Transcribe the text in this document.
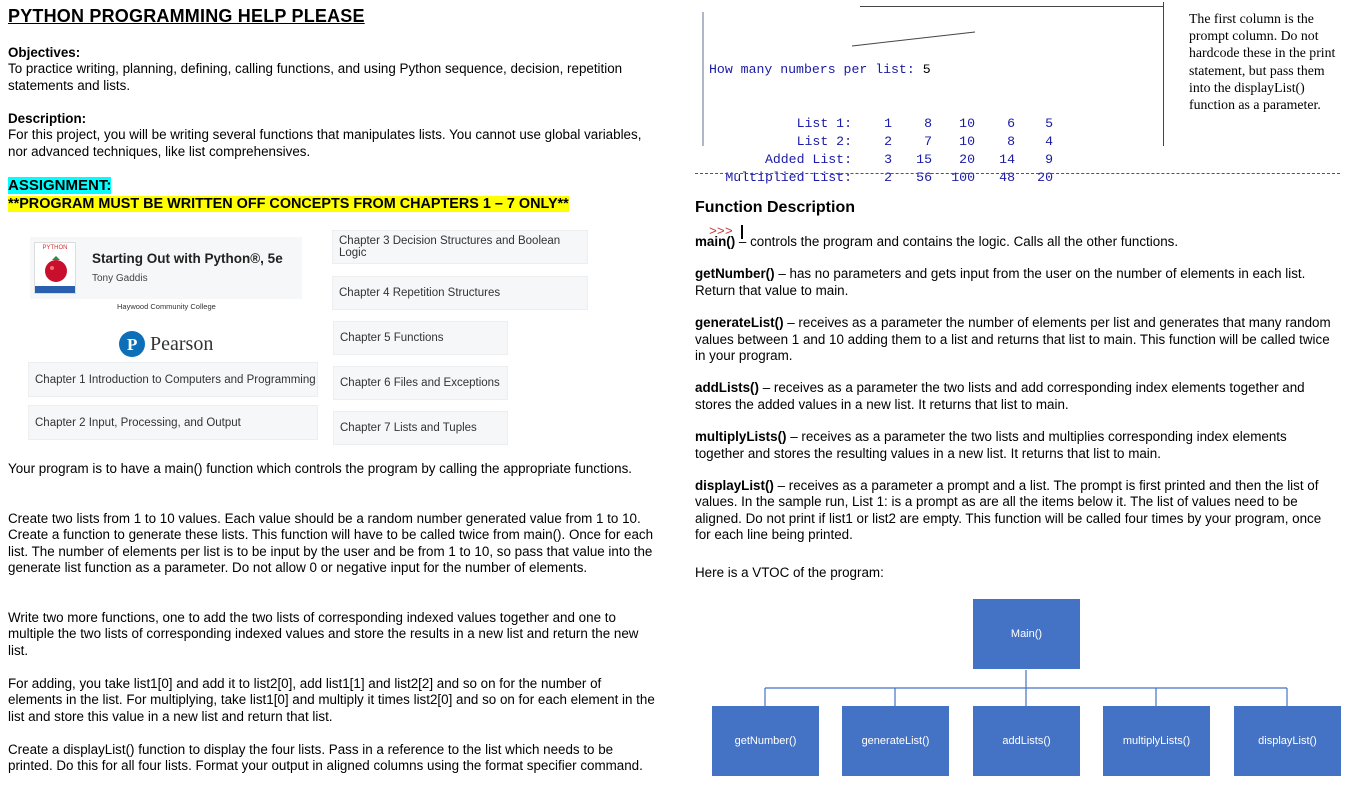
PYTHON PROGRAMMING HELP PLEASE
Objectives:
To practice writing, planning, defining, calling functions, and using Python sequence, decision, repetition statements and lists.
Description:
For this project, you will be writing several functions that manipulates lists. You cannot use global variables, nor advanced techniques, like list comprehensives.
ASSIGNMENT:
**PROGRAM MUST BE WRITTEN OFF CONCEPTS FROM CHAPTERS 1 – 7 ONLY**
PYTHON
Starting Out with Python®, 5e
Tony Gaddis
Haywood Community College
P Pearson
Chapter 1 Introduction to Computers and Programming
Chapter 2 Input, Processing, and Output
Chapter 3 Decision Structures and Boolean Logic
Chapter 4 Repetition Structures
Chapter 5 Functions
Chapter 6 Files and Exceptions
Chapter 7 Lists and Tuples
Your program is to have a main() function which controls the program by calling the appropriate functions.
Create two lists from 1 to 10 values. Each value should be a random number generated value from 1 to 10. Create a function to generate these lists. This function will have to be called twice from main(). Once for each list. The number of elements per list is to be input by the user and be from 1 to 10, so pass that value into the generate list function as a parameter. Do not allow 0 or negative input for the number of elements.
Write two more functions, one to add the two lists of corresponding indexed values together and one to multiple the two lists of corresponding indexed values and store the results in a new list and return the new list.
For adding, you take list1[0] and add it to list2[0], add list1[1] and list2[2] and so on for the number of elements in the list. For multiplying, take list1[0] and multiply it times list2[0] and so on for each element in the list and store this value in a new list and return that list.
Create a displayList() function to display the four lists. Pass in a reference to the list which needs to be printed. Do this for all four lists. Format your output in aligned columns using the format specifier command.

How many numbers per list: 5

List 1:	1	8	10	6	5
List 2:	2	7	10	8	4
Added List:	3	15	20	14	9
Multiplied List:	2	56	100	48	20

>>>

The first column is the prompt column. Do not hardcode these in the print statement, but pass them into the displayList() function as a parameter.
Function Description
main() – controls the program and contains the logic. Calls all the other functions.
getNumber() – has no parameters and gets input from the user on the number of elements in each list. Return that value to main.
generateList() – receives as a parameter the number of elements per list and generates that many random values between 1 and 10 adding them to a list and returns that list to main. This function will be called twice in your program.
addLists() – receives as a parameter the two lists and add corresponding index elements together and stores the added values in a new list. It returns that list to main.
multiplyLists() – receives as a parameter the two lists and multiplies corresponding index elements together and stores the resulting values in a new list. It returns that list to main.
displayList() – receives as a parameter a prompt and a list. The prompt is first printed and then the list of values. In the sample run, List 1: is a prompt as are all the items below it. The list of values need to be aligned. Do not print if list1 or list2 are empty. This function will be called four times by your program, once for each line being printed.
Here is a VTOC of the program:
Main()
getNumber()	generateList()	addLists()	multiplyLists()	displayList()
